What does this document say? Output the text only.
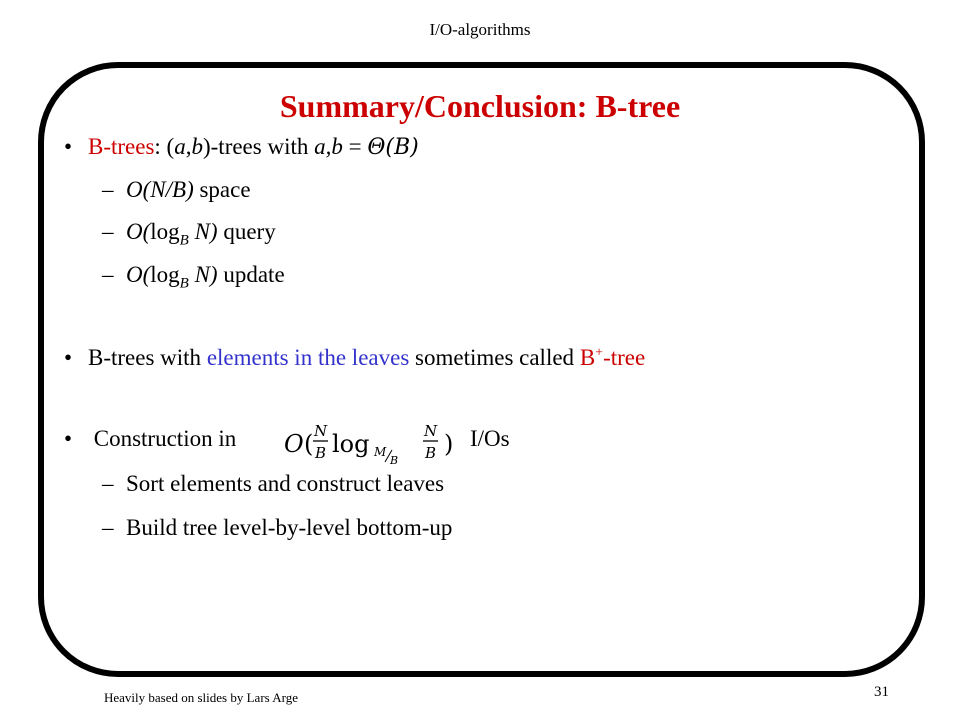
I/O-algorithms
Summary/Conclusion: B-tree
• B-trees: (a,b)-trees with a,b = Θ(B)
– O(N/B) space
– $O(\log_B$ N) query
– $O(\log_B$ N) update
• B-trees with elements in the leaves sometimes called B+-tree
• Construction in O ( N
B log M
B
N
B ) I/Os
– Sort elements and construct leaves
– Build tree level-by-level bottom-up
Heavily based on slides by Lars Arge	31
